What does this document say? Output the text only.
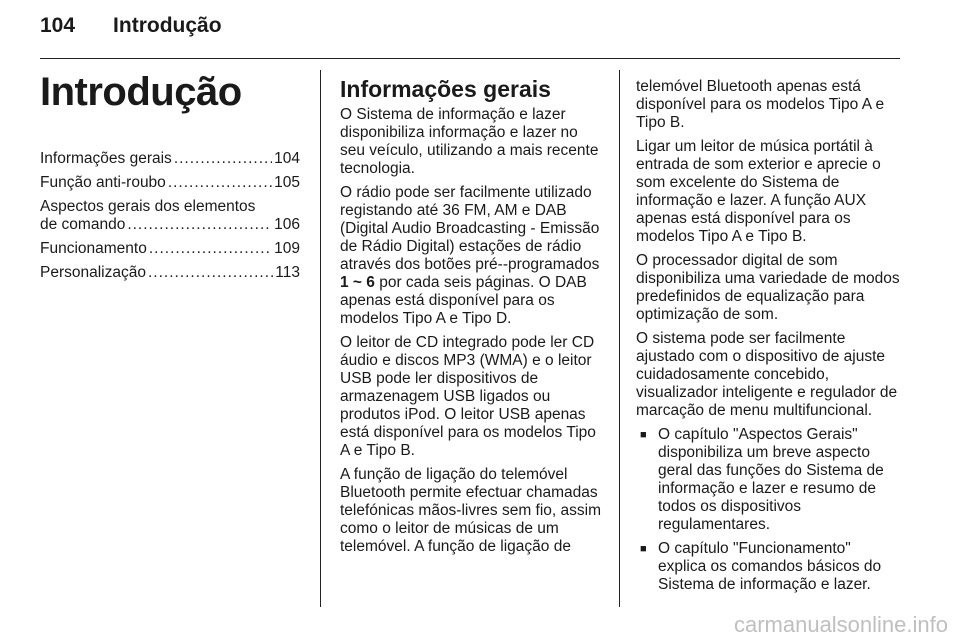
104 Introdução
Introdução
Informações gerais .....	104
Função anti-roubo .....	105
Aspectos gerais dos elementos
de comando .....	106
Funcionamento .....	109
Personalização .....	113
Informações gerais

O Sistema de informação e lazer disponibiliza informação e lazer no seu veículo, utilizando a mais recente tecnologia.

O rádio pode ser facilmente utilizado registando até 36 FM, AM e DAB (Digital Audio Broadcasting - Emissão de Rádio Digital) estações de rádio através dos botões pré--programados 1 ~ 6 por cada seis páginas. O DAB apenas está disponível para os modelos Tipo A e Tipo D.

O leitor de CD integrado pode ler CD áudio e discos MP3 (WMA) e o leitor USB pode ler dispositivos de armazenagem USB ligados ou produtos iPod. O leitor USB apenas está disponível para os modelos Tipo A e Tipo B.

A função de ligação do telemóvel Bluetooth permite efectuar chamadas telefónicas mãos-livres sem fio, assim como o leitor de músicas de um telemóvel. A função de ligação de

telemóvel Bluetooth apenas está disponível para os modelos Tipo A e Tipo B.

Ligar um leitor de música portátil à entrada de som exterior e aprecie o som excelente do Sistema de informação e lazer. A função AUX apenas está disponível para os modelos Tipo A e Tipo B.

O processador digital de som disponibiliza uma variedade de modos predefinidos de equalização para optimização de som.

O sistema pode ser facilmente ajustado com o dispositivo de ajuste cuidadosamente concebido, visualizador inteligente e regulador de marcação de menu multifuncional.

■ O capítulo "Aspectos Gerais" disponibiliza um breve aspecto geral das funções do Sistema de informação e lazer e resumo de todos os dispositivos regulamentares.
■ O capítulo "Funcionamento" explica os comandos básicos do Sistema de informação e lazer.
carmanualsonline.info
